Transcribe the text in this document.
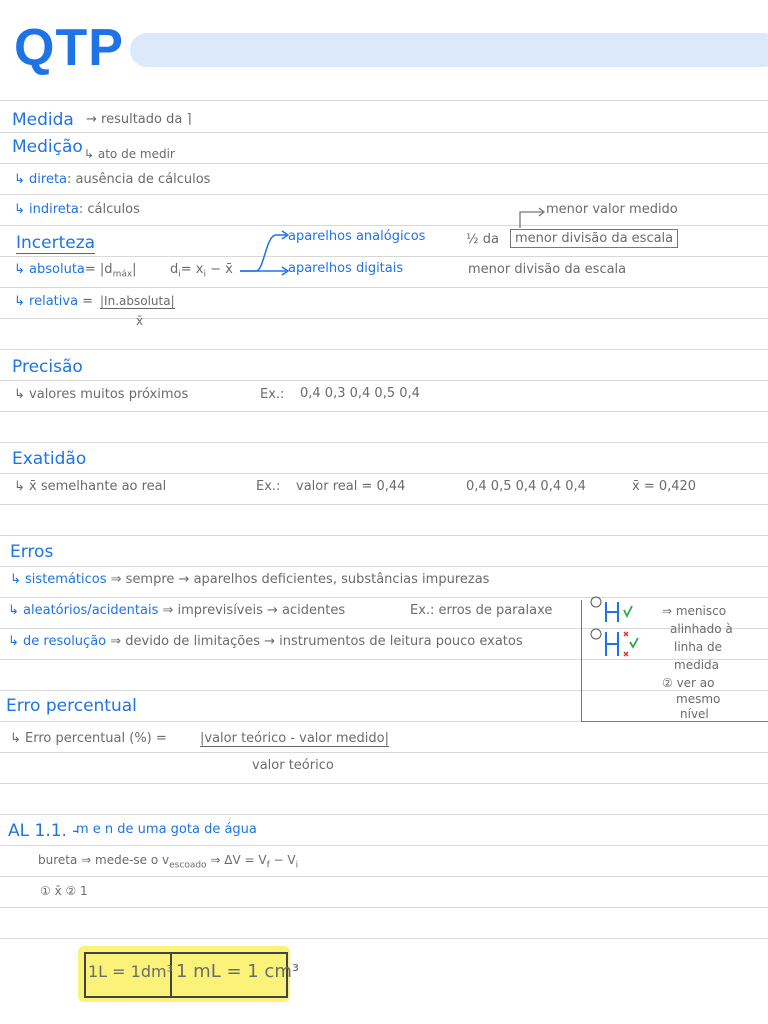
QTP
Medida → resultado da ⌉
Medição ↳ ato de medir
↳ direta: ausência de cálculos
↳ indireta: cálculos
Incerteza
↳ absoluta= $|d_{máx}|$	$d_i= x_i$ − x̄
aparelhos analógicos
aparelhos digitais
menor valor medido
½ da	menor divisão da escala
menor divisão da escala
↳ relativa = |In.absoluta|
x̄
Precisão
↳ valores muitos próximos	Ex.: 0,4 0,3 0,4 0,5 0,4
Exatidão
↳ x̄ semelhante ao real	Ex.: valor real = 0,44	0,4 0,5 0,4 0,4 0,4	x̄ = 0,420
Erros
↳ sistemáticos ⇒ sempre → aparelhos deficientes, substâncias impurezas
↳ aleatórios/acidentais ⇒ imprevisíveis → acidentes	Ex.: erros de paralaxe
↳ de resolução ⇒ devido de limitações → instrumentos de leitura pouco exatos
⇒ menisco
alinhado à
linha de
medida
② ver ao
mesmo
nível
Erro percentual
↳ Erro percentual (%) =	|valor teórico - valor medido|
valor teórico
AL 1.1. -
m e n de uma gota de água
bureta ⇒ mede-se o $v_{escoado}$ ⇒ $\Delta V = V_f - V_i$
① x̄ ② 1
1L = 1dm³ 1 mL = 1 cm³
